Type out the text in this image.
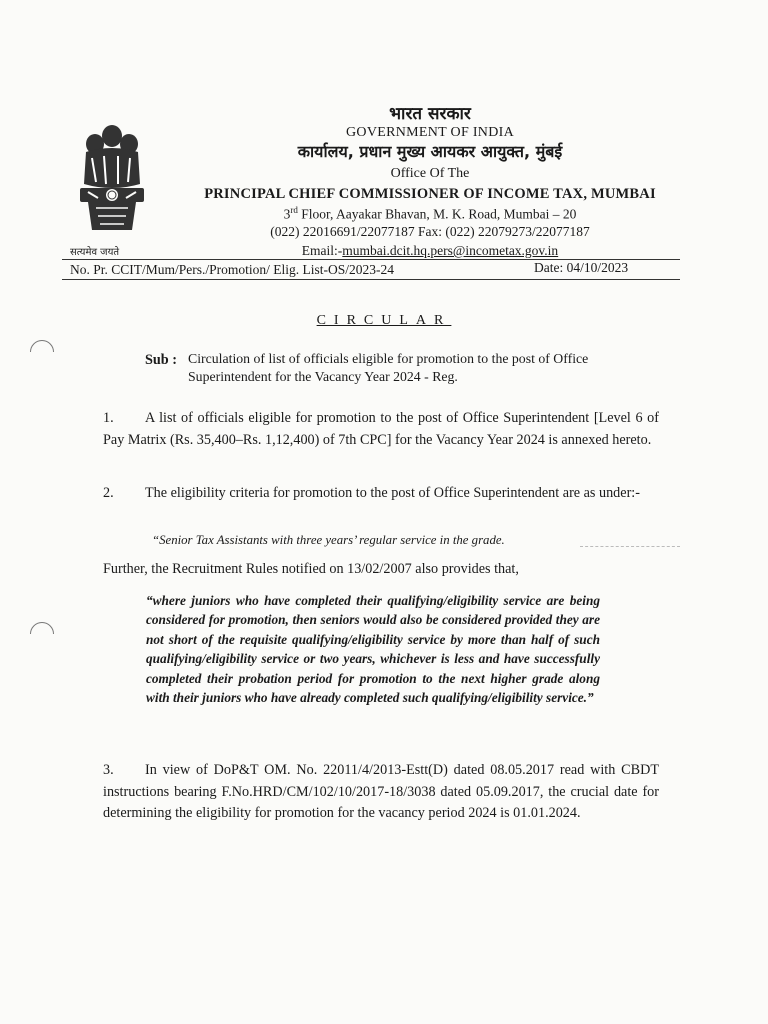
सत्यमेव जयते
भारत सरकार
GOVERNMENT OF INDIA
कार्यालय, प्रधान मुख्य आयकर आयुक्त, मुंबई
Office Of The
PRINCIPAL CHIEF COMMISSIONER OF INCOME TAX, MUMBAI
3rd Floor, Aayakar Bhavan, M. K. Road, Mumbai – 20
(022) 22016691/22077187 Fax: (022) 22079273/22077187
Email:-mumbai.dcit.hq.pers@incometax.gov.in
No. Pr. CCIT/Mum/Pers./Promotion/ Elig. List-OS/2023-24	Date: 04/10/2023
CIRCULAR
Sub : Circulation of list of officials eligible for promotion to the post of Office Superintendent for the Vacancy Year 2024 - Reg.
1. A list of officials eligible for promotion to the post of Office Superintendent [Level 6 of Pay Matrix (Rs. 35,400–Rs. 1,12,400) of 7th CPC] for the Vacancy Year 2024 is annexed hereto.
2. The eligibility criteria for promotion to the post of Office Superintendent are as under:-
“Senior Tax Assistants with three years’ regular service in the grade.
Further, the Recruitment Rules notified on 13/02/2007 also provides that,
“where juniors who have completed their qualifying/eligibility service are being considered for promotion, then seniors would also be considered provided they are not short of the requisite qualifying/eligibility service by more than half of such qualifying/eligibility service or two years, whichever is less and have successfully completed their probation period for promotion to the next higher grade along with their juniors who have already completed such qualifying/eligibility service.”
3. In view of DoP&T OM. No. 22011/4/2013-Estt(D) dated 08.05.2017 read with CBDT instructions bearing F.No.HRD/CM/102/10/2017-18/3038 dated 05.09.2017, the crucial date for determining the eligibility for promotion for the vacancy period 2024 is 01.01.2024.
